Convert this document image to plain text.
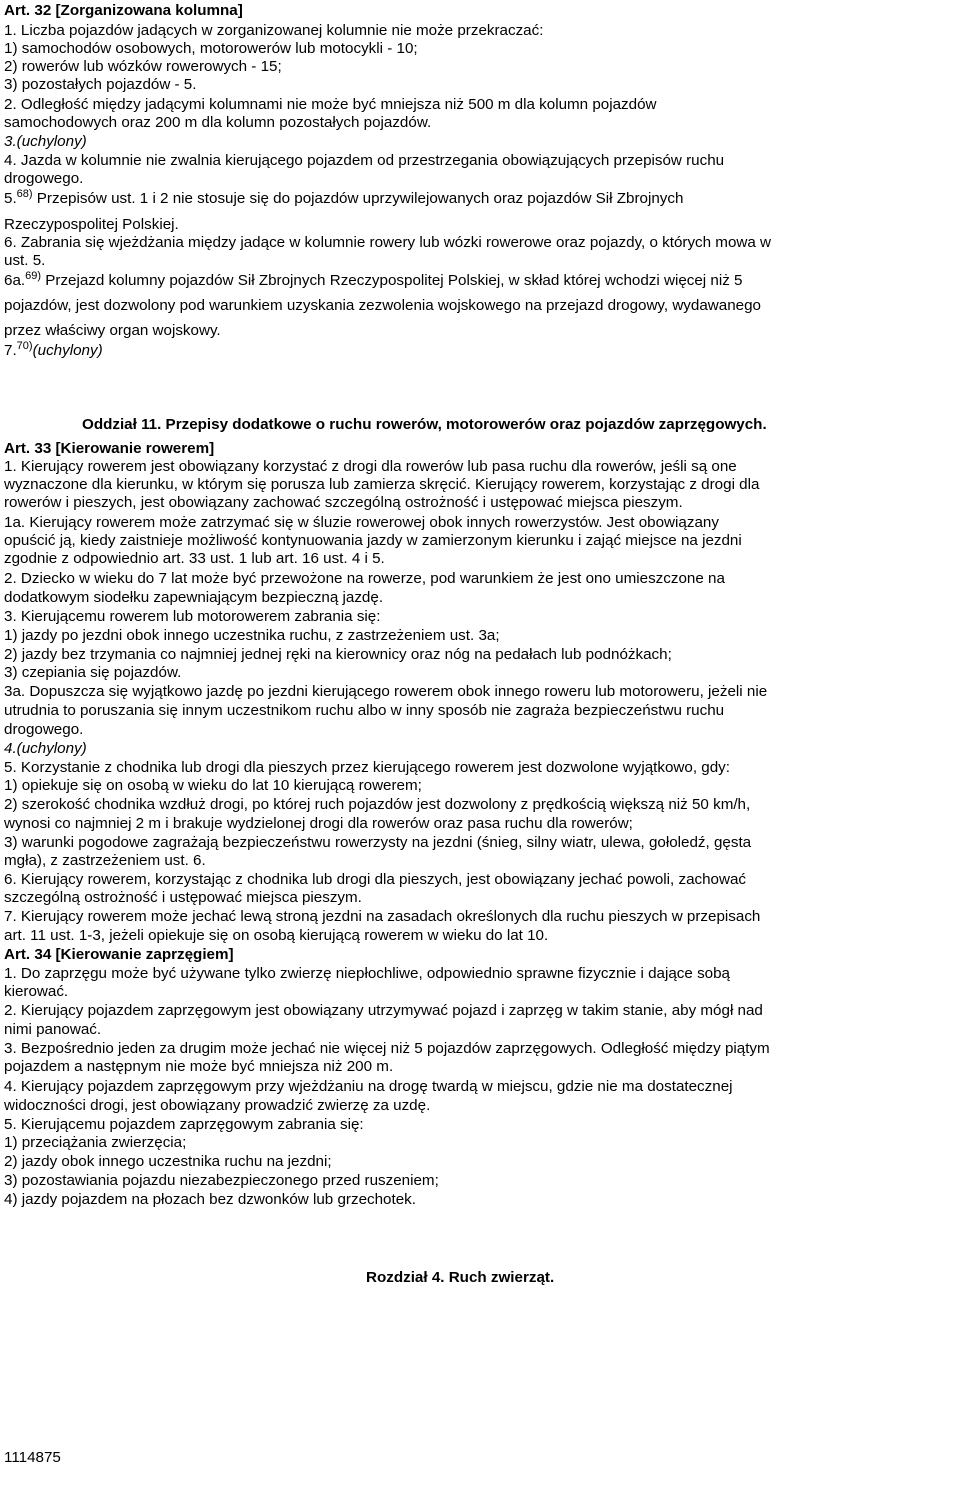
Art. 32 [Zorganizowana kolumna]
1. Liczba pojazdów jadących w zorganizowanej kolumnie nie może przekraczać:
1) samochodów osobowych, motorowerów lub motocykli - 10;
2) rowerów lub wózków rowerowych - 15;
3) pozostałych pojazdów - 5.
2. Odległość między jadącymi kolumnami nie może być mniejsza niż 500 m dla kolumn pojazdów
samochodowych oraz 200 m dla kolumn pozostałych pojazdów.
3.(uchylony)
4. Jazda w kolumnie nie zwalnia kierującego pojazdem od przestrzegania obowiązujących przepisów ruchu
drogowego.
5.$^{68)}$ Przepisów ust. 1 i 2 nie stosuje się do pojazdów uprzywilejowanych oraz pojazdów Sił Zbrojnych
Rzeczypospolitej Polskiej.
6. Zabrania się wjeżdżania między jadące w kolumnie rowery lub wózki rowerowe oraz pojazdy, o których mowa w
ust. 5.
6a.$^{69)}$ Przejazd kolumny pojazdów Sił Zbrojnych Rzeczypospolitej Polskiej, w skład której wchodzi więcej niż 5
pojazdów, jest dozwolony pod warunkiem uzyskania zezwolenia wojskowego na przejazd drogowy, wydawanego
przez właściwy organ wojskowy.
7.$^{70)}$(uchylony)
Oddział 11. Przepisy dodatkowe o ruchu rowerów, motorowerów oraz pojazdów zaprzęgowych.
Art. 33 [Kierowanie rowerem]
1. Kierujący rowerem jest obowiązany korzystać z drogi dla rowerów lub pasa ruchu dla rowerów, jeśli są one
wyznaczone dla kierunku, w którym się porusza lub zamierza skręcić. Kierujący rowerem, korzystając z drogi dla
rowerów i pieszych, jest obowiązany zachować szczególną ostrożność i ustępować miejsca pieszym.
1a. Kierujący rowerem może zatrzymać się w śluzie rowerowej obok innych rowerzystów. Jest obowiązany
opuścić ją, kiedy zaistnieje możliwość kontynuowania jazdy w zamierzonym kierunku i zająć miejsce na jezdni
zgodnie z odpowiednio art. 33 ust. 1 lub art. 16 ust. 4 i 5.
2. Dziecko w wieku do 7 lat może być przewożone na rowerze, pod warunkiem że jest ono umieszczone na
dodatkowym siodełku zapewniającym bezpieczną jazdę.
3. Kierującemu rowerem lub motorowerem zabrania się:
1) jazdy po jezdni obok innego uczestnika ruchu, z zastrzeżeniem ust. 3a;
2) jazdy bez trzymania co najmniej jednej ręki na kierownicy oraz nóg na pedałach lub podnóżkach;
3) czepiania się pojazdów.
3a. Dopuszcza się wyjątkowo jazdę po jezdni kierującego rowerem obok innego roweru lub motoroweru, jeżeli nie
utrudnia to poruszania się innym uczestnikom ruchu albo w inny sposób nie zagraża bezpieczeństwu ruchu
drogowego.
4.(uchylony)
5. Korzystanie z chodnika lub drogi dla pieszych przez kierującego rowerem jest dozwolone wyjątkowo, gdy:
1) opiekuje się on osobą w wieku do lat 10 kierującą rowerem;
2) szerokość chodnika wzdłuż drogi, po której ruch pojazdów jest dozwolony z prędkością większą niż 50 km/h,
wynosi co najmniej 2 m i brakuje wydzielonej drogi dla rowerów oraz pasa ruchu dla rowerów;
3) warunki pogodowe zagrażają bezpieczeństwu rowerzysty na jezdni (śnieg, silny wiatr, ulewa, gołoledź, gęsta
mgła), z zastrzeżeniem ust. 6.
6. Kierujący rowerem, korzystając z chodnika lub drogi dla pieszych, jest obowiązany jechać powoli, zachować
szczególną ostrożność i ustępować miejsca pieszym.
7. Kierujący rowerem może jechać lewą stroną jezdni na zasadach określonych dla ruchu pieszych w przepisach
art. 11 ust. 1-3, jeżeli opiekuje się on osobą kierującą rowerem w wieku do lat 10.
Art. 34 [Kierowanie zaprzęgiem]
1. Do zaprzęgu może być używane tylko zwierzę niepłochliwe, odpowiednio sprawne fizycznie i dające sobą
kierować.
2. Kierujący pojazdem zaprzęgowym jest obowiązany utrzymywać pojazd i zaprzęg w takim stanie, aby mógł nad
nimi panować.
3. Bezpośrednio jeden za drugim może jechać nie więcej niż 5 pojazdów zaprzęgowych. Odległość między piątym
pojazdem a następnym nie może być mniejsza niż 200 m.
4. Kierujący pojazdem zaprzęgowym przy wjeżdżaniu na drogę twardą w miejscu, gdzie nie ma dostatecznej
widoczności drogi, jest obowiązany prowadzić zwierzę za uzdę.
5. Kierującemu pojazdem zaprzęgowym zabrania się:
1) przeciążania zwierzęcia;
2) jazdy obok innego uczestnika ruchu na jezdni;
3) pozostawiania pojazdu niezabezpieczonego przed ruszeniem;
4) jazdy pojazdem na płozach bez dzwonków lub grzechotek.
Rozdział 4. Ruch zwierząt.
1114875
